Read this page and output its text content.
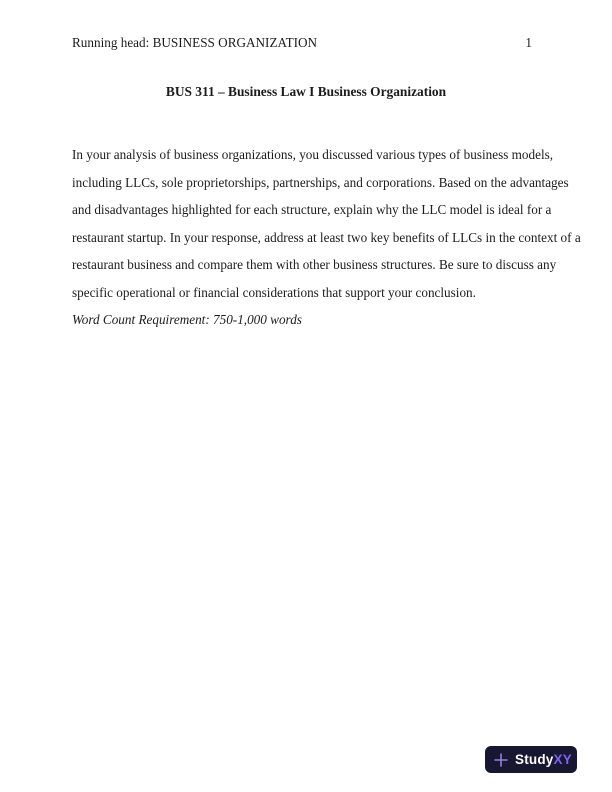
Running head: BUSINESS ORGANIZATION	1
BUS 311 – Business Law I Business Organization
In your analysis of business organizations, you discussed various types of business models,
including LLCs, sole proprietorships, partnerships, and corporations. Based on the advantages
and disadvantages highlighted for each structure, explain why the LLC model is ideal for a
restaurant startup. In your response, address at least two key benefits of LLCs in the context of a
restaurant business and compare them with other business structures. Be sure to discuss any
specific operational or financial considerations that support your conclusion.
Word Count Requirement: 750-1,000 words
StudyXY
